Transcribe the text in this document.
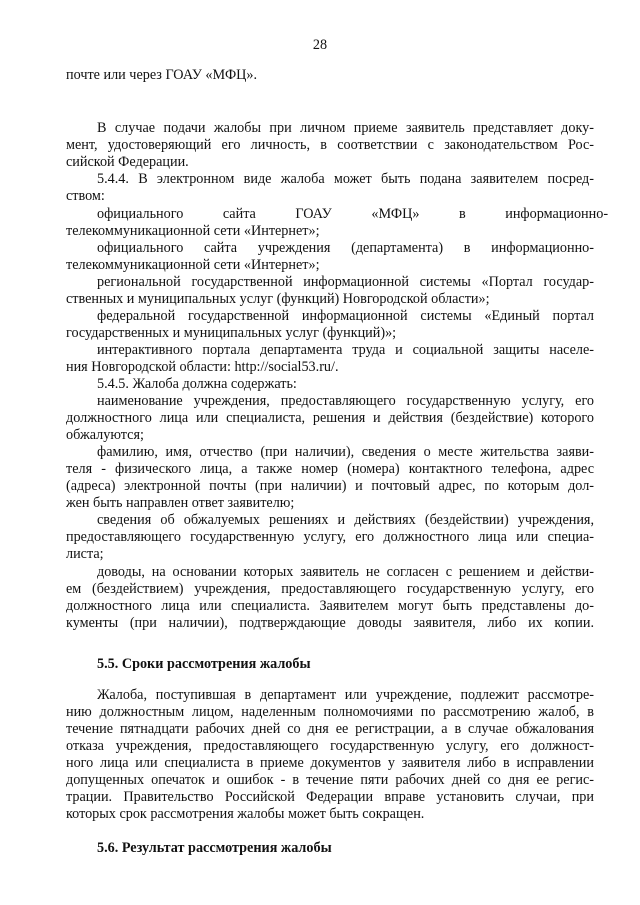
28
почте или через ГОАУ «МФЦ».
В случае подачи жалобы при личном приеме заявитель представляет доку-
мент, удостоверяющий его личность, в соответствии с законодательством Рос-
сийской Федерации.
5.4.4. В электронном виде жалоба может быть подана заявителем посред-
ством:
официального сайта ГОАУ «МФЦ» в информационно-
телекоммуникационной сети «Интернет»;
официального сайта учреждения (департамента) в информационно-
телекоммуникационной сети «Интернет»;
региональной государственной информационной системы «Портал государ-
ственных и муниципальных услуг (функций) Новгородской области»;
федеральной государственной информационной системы «Единый портал
государственных и муниципальных услуг (функций)»;
интерактивного портала департамента труда и социальной защиты населе-
ния Новгородской области: http://social53.ru/.
5.4.5. Жалоба должна содержать:
наименование учреждения, предоставляющего государственную услугу, его
должностного лица или специалиста, решения и действия (бездействие) которого
обжалуются;
фамилию, имя, отчество (при наличии), сведения о месте жительства заяви-
теля - физического лица, а также номер (номера) контактного телефона, адрес
(адреса) электронной почты (при наличии) и почтовый адрес, по которым дол-
жен быть направлен ответ заявителю;
сведения об обжалуемых решениях и действиях (бездействии) учреждения,
предоставляющего государственную услугу, его должностного лица или специа-
листа;
доводы, на основании которых заявитель не согласен с решением и действи-
ем (бездействием) учреждения, предоставляющего государственную услугу, его
должностного лица или специалиста. Заявителем могут быть представлены до-
кументы (при наличии), подтверждающие доводы заявителя, либо их копии.
5.5. Сроки рассмотрения жалобы
Жалоба, поступившая в департамент или учреждение, подлежит рассмотре-
нию должностным лицом, наделенным полномочиями по рассмотрению жалоб, в
течение пятнадцати рабочих дней со дня ее регистрации, а в случае обжалования
отказа учреждения, предоставляющего государственную услугу, его должност-
ного лица или специалиста в приеме документов у заявителя либо в исправлении
допущенных опечаток и ошибок - в течение пяти рабочих дней со дня ее регис-
трации. Правительство Российской Федерации вправе установить случаи, при
которых срок рассмотрения жалобы может быть сокращен.
5.6. Результат рассмотрения жалобы
